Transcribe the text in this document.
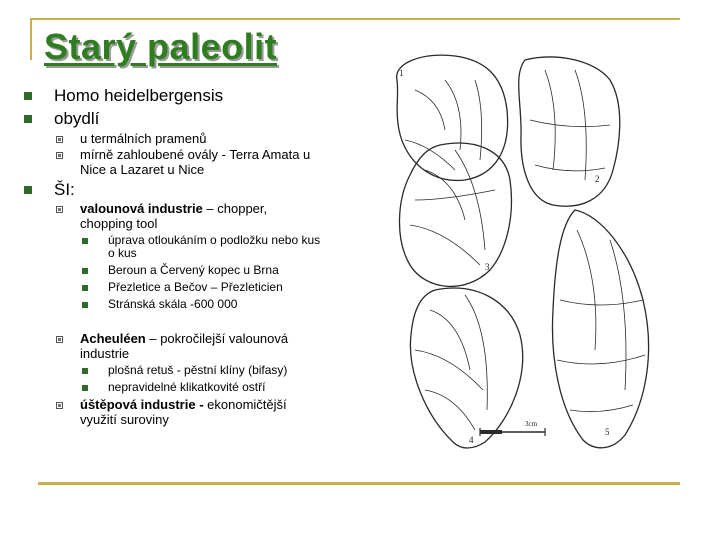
Starý paleolit
Homo heidelbergensis
obydlí
u termálních pramenů
mírně zahloubené ovály - Terra Amata u
Nice a Lazaret u Nice
ŠI:
valounová industrie – chopper,
chopping tool
úprava otloukáním o podložku nebo kus
o kus
Beroun a Červený kopec u Brna
Přezletice a Bečov – Přezleticien
Stránská skála -600 000
Acheuléen – pokročilejší valounová
industrie
plošná retuš - pěstní klíny (bifasy)
nepravidelné klikatkovité ostří
úštěpová industrie - ekonomičtější
využití suroviny
1
2
3
4
5
3cm
